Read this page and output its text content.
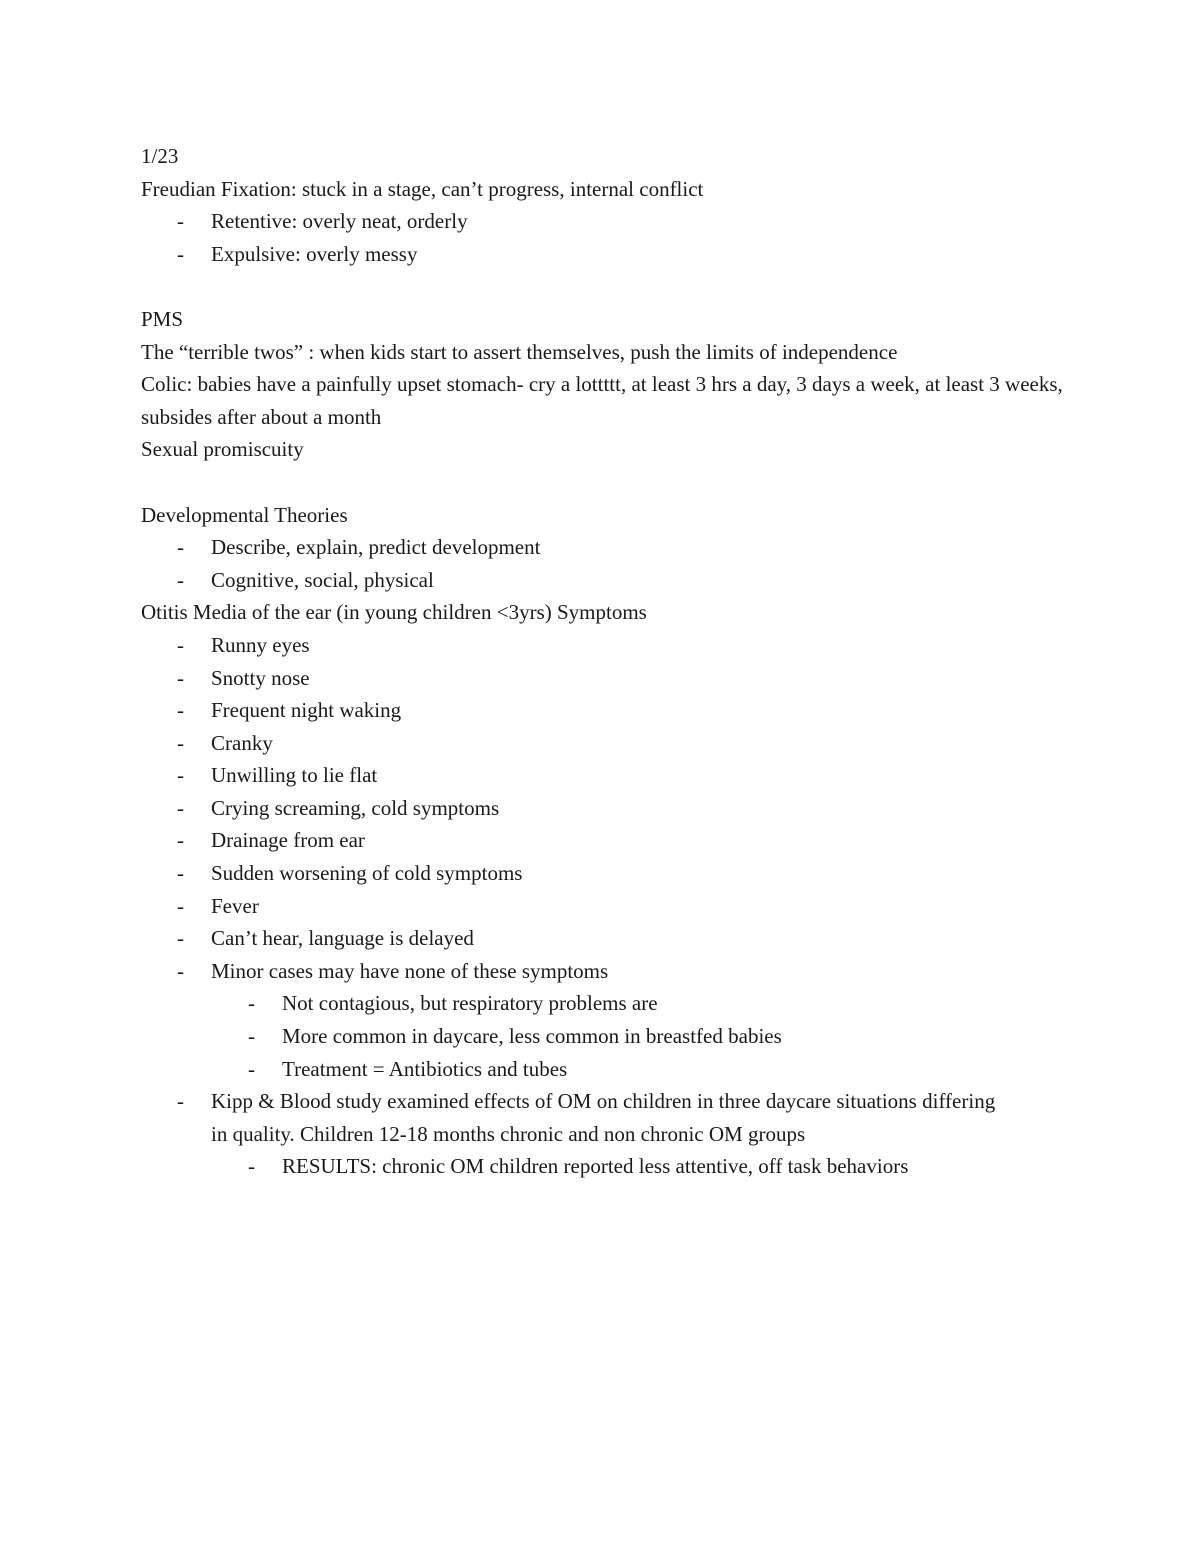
1/23
Freudian Fixation: stuck in a stage, can’t progress, internal conflict
- Retentive: overly neat, orderly
- Expulsive: overly messy
PMS
The “terrible twos” : when kids start to assert themselves, push the limits of independence
Colic: babies have a painfully upset stomach- cry a lottttt, at least 3 hrs a day, 3 days a week, at least 3 weeks, subsides after about a month
Sexual promiscuity
Developmental Theories
- Describe, explain, predict development
- Cognitive, social, physical
Otitis Media of the ear (in young children <3yrs) Symptoms
- Runny eyes
- Snotty nose
- Frequent night waking
- Cranky
- Unwilling to lie flat
- Crying screaming, cold symptoms
- Drainage from ear
- Sudden worsening of cold symptoms
- Fever
- Can’t hear, language is delayed
- Minor cases may have none of these symptoms
- Not contagious, but respiratory problems are
- More common in daycare, less common in breastfed babies
- Treatment = Antibiotics and tubes
- Kipp & Blood study examined effects of OM on children in three daycare situations differing in quality. Children 12-18 months chronic and non chronic OM groups
- RESULTS: chronic OM children reported less attentive, off task behaviors
